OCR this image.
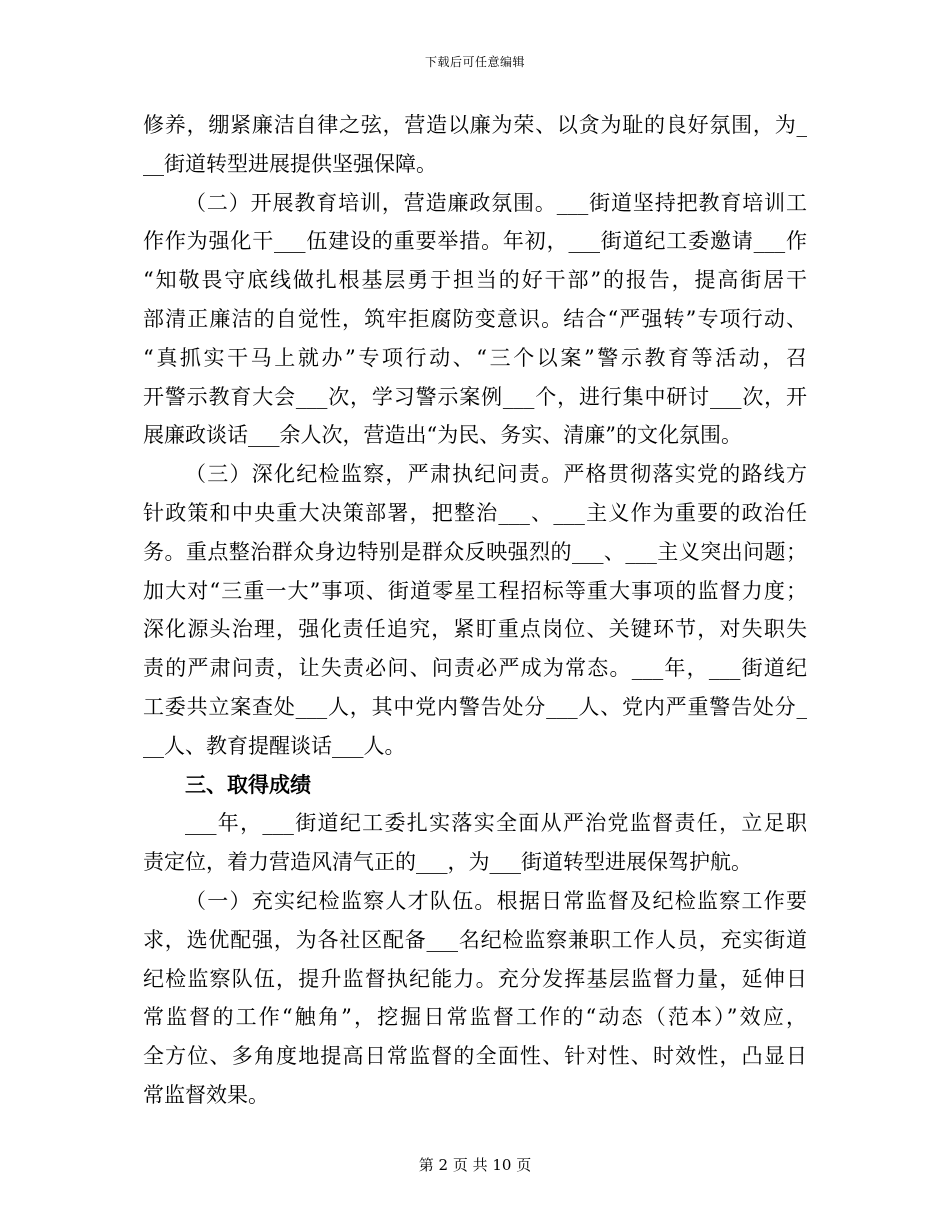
下载后可任意编辑
修养，绷紧廉洁自律之弦，营造以廉为荣、以贪为耻的良好氛围，为_
__街道转型进展提供坚强保障。
（二）开展教育培训，营造廉政氛围。___街道坚持把教育培训工
作作为强化干___伍建设的重要举措。年初，___街道纪工委邀请___作
“知敬畏守底线做扎根基层勇于担当的好干部”的报告，提高街居干
部清正廉洁的自觉性，筑牢拒腐防变意识。结合“严强转”专项行动、
“真抓实干马上就办”专项行动、“三个以案”警示教育等活动，召
开警示教育大会___次，学习警示案例___个，进行集中研讨___次，开
展廉政谈话___余人次，营造出“为民、务实、清廉”的文化氛围。
（三）深化纪检监察，严肃执纪问责。严格贯彻落实党的路线方
针政策和中央重大决策部署，把整治___、___主义作为重要的政治任
务。重点整治群众身边特别是群众反映强烈的___、___主义突出问题；
加大对“三重一大”事项、街道零星工程招标等重大事项的监督力度；
深化源头治理，强化责任追究，紧盯重点岗位、关键环节，对失职失
责的严肃问责，让失责必问、问责必严成为常态。___年，___街道纪
工委共立案查处___人，其中党内警告处分___人、党内严重警告处分_
__人、教育提醒谈话___人。
三、取得成绩
___年，___街道纪工委扎实落实全面从严治党监督责任，立足职
责定位，着力营造风清气正的___，为___街道转型进展保驾护航。
（一）充实纪检监察人才队伍。根据日常监督及纪检监察工作要
求，选优配强，为各社区配备___名纪检监察兼职工作人员，充实街道
纪检监察队伍，提升监督执纪能力。充分发挥基层监督力量，延伸日
常监督的工作“触角”，挖掘日常监督工作的“动态（范本）”效应，
全方位、多角度地提高日常监督的全面性、针对性、时效性，凸显日
常监督效果。
第 2 页 共 10 页
